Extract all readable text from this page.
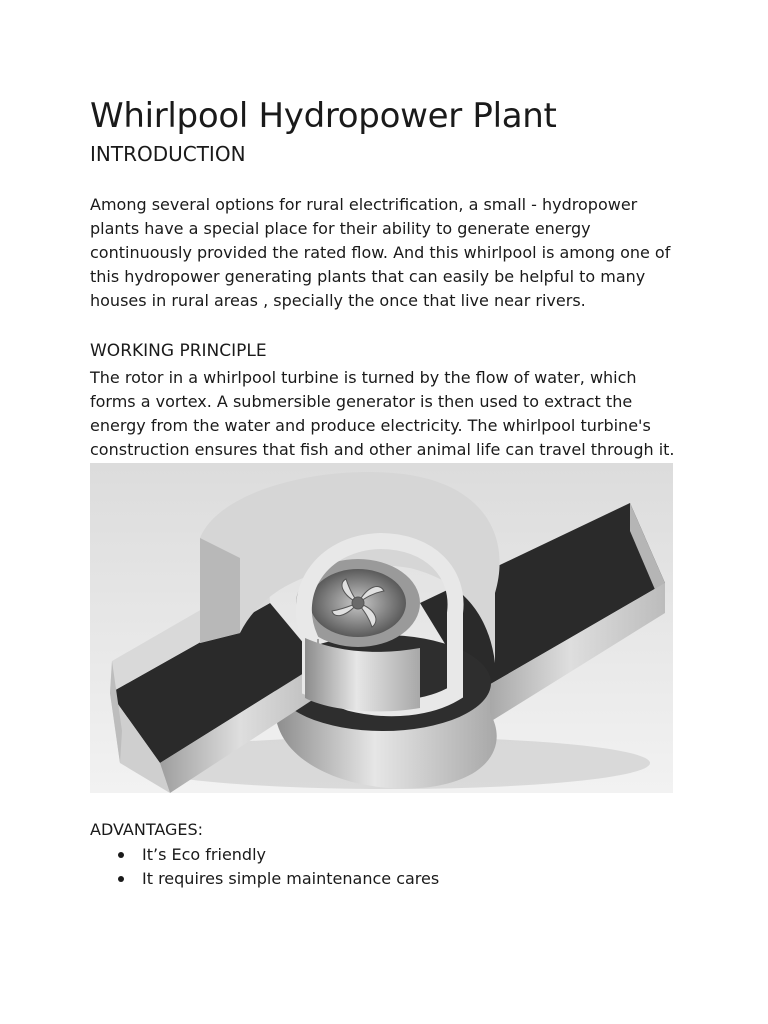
Whirlpool Hydropower Plant
INTRODUCTION

Among several options for rural electrification, a small - hydropower plants have a special place for their ability to generate energy continuously provided the rated flow. And this whirlpool is among one of this hydropower generating plants that can easily be helpful to many houses in rural areas , specially the once that live near rivers.

WORKING PRINCIPLE

The rotor in a whirlpool turbine is turned by the flow of water, which forms a vortex. A submersible generator is then used to extract the energy from the water and produce electricity. The whirlpool turbine's construction ensures that fish and other animal life can travel through it.

ADVANTAGES:
It’s Eco friendly
It requires simple maintenance cares
